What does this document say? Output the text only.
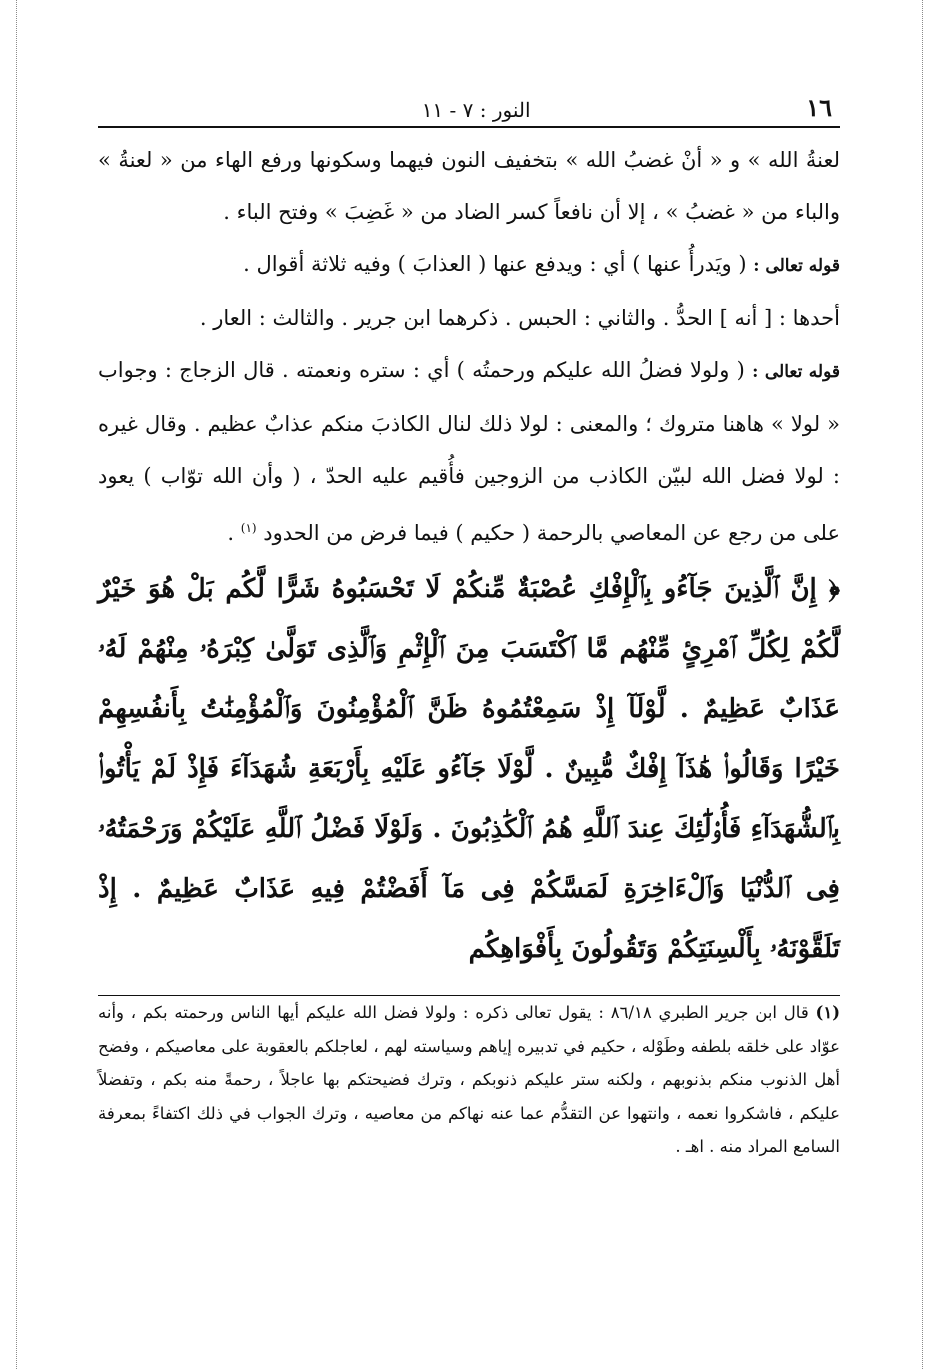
١٦
النور : ٧ - ١١

لعنةُ الله » و « أنْ غضبُ الله » بتخفيف النون فيهما وسكونها ورفع الهاء من « لعنةُ » والباء من « غضبُ » ، إلا أن نافعاً كسر الضاد من « غَضِبَ » وفتح الباء .

قوله تعالى : ( ويَدرأُ عنها ) أي : ويدفع عنها ( العذابَ ) وفيه ثلاثة أقوال .

أحدها : [ أنه ] الحدُّ . والثاني : الحبس . ذكرهما ابن جرير . والثالث : العار .

قوله تعالى : ( ولولا فضلُ الله عليكم ورحمتُه ) أي : ستره ونعمته . قال الزجاج : وجواب « لولا » هاهنا متروك ؛ والمعنى : لولا ذلك لنال الكاذبَ منكم عذابٌ عظيم . وقال غيره : لولا فضل الله لبيّن الكاذب من الزوجين فأُقيم عليه الحدّ ، ( وأن الله توّاب ) يعود على من رجع عن المعاصي بالرحمة ( حكيم ) فيما فرض من الحدود $^{(١)}$ .

﴿ إِنَّ ٱلَّذِينَ جَآءُو بِٱلْإِفْكِ عُصْبَةٌ مِّنكُمْ لَا تَحْسَبُوهُ شَرًّا لَّكُم بَلْ هُوَ خَيْرٌ لَّكُمْ لِكُلِّ ٱمْرِئٍ مِّنْهُم مَّا ٱكْتَسَبَ مِنَ ٱلْإِثْمِ وَٱلَّذِى تَوَلَّىٰ كِبْرَهُۥ مِنْهُمْ لَهُۥ عَذَابٌ عَظِيمٌ . لَّوْلَآ إِذْ سَمِعْتُمُوهُ ظَنَّ ٱلْمُؤْمِنُونَ وَٱلْمُؤْمِنَٰتُ بِأَنفُسِهِمْ خَيْرًا وَقَالُوا۟ هَٰذَآ إِفْكٌ مُّبِينٌ . لَّوْلَا جَآءُو عَلَيْهِ بِأَرْبَعَةِ شُهَدَآءَ فَإِذْ لَمْ يَأْتُوا۟ بِٱلشُّهَدَآءِ فَأُو۟لَٰٓئِكَ عِندَ ٱللَّهِ هُمُ ٱلْكَٰذِبُونَ . وَلَوْلَا فَضْلُ ٱللَّهِ عَلَيْكُمْ وَرَحْمَتُهُۥ فِى ٱلدُّنْيَا وَٱلْءَاخِرَةِ لَمَسَّكُمْ فِى مَآ أَفَضْتُمْ فِيهِ عَذَابٌ عَظِيمٌ . إِذْ تَلَقَّوْنَهُۥ بِأَلْسِنَتِكُمْ وَتَقُولُونَ بِأَفْوَاهِكُم

(١) قال ابن جرير الطبري ٨٦/١٨ : يقول تعالى ذكره : ولولا فضل الله عليكم أيها الناس ورحمته بكم ، وأنه عوّاد على خلقه بلطفه وطَوْله ، حكيم في تدبيره إياهم وسياسته لهم ، لعاجلكم بالعقوبة على معاصيكم ، وفضح أهل الذنوب منكم بذنوبهم ، ولكنه ستر عليكم ذنوبكم ، وترك فضيحتكم بها عاجلاً ، رحمةً منه بكم ، وتفضلاً عليكم ، فاشكروا نعمه ، وانتهوا عن التقدُّم عما عنه نهاكم من معاصيه ، وترك الجواب في ذلك اكتفاءً بمعرفة السامع المراد منه . اهـ .
